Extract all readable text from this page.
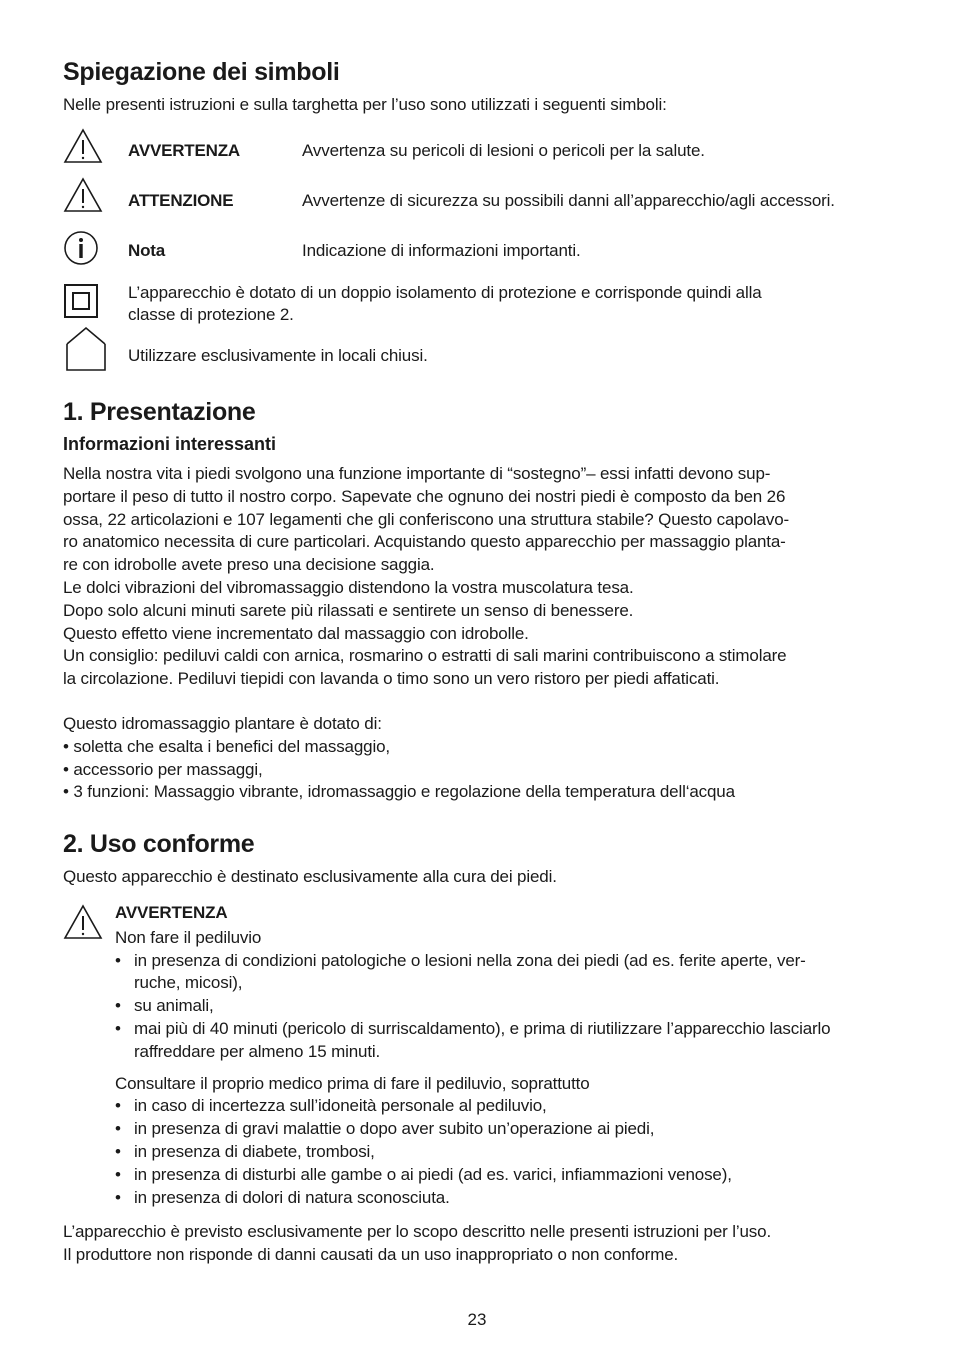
Spiegazione dei simboli
Nelle presenti istruzioni e sulla targhetta per l’uso sono utilizzati i seguenti simboli:
AVVERTENZA	Avvertenza su pericoli di lesioni o pericoli per la salute.
ATTENZIONE	Avvertenze di sicurezza su possibili danni all’apparecchio/agli accessori.
Nota	Indicazione di informazioni importanti.
L’apparecchio è dotato di un doppio isolamento di protezione e corrisponde quindi alla
classe di protezione 2.
Utilizzare esclusivamente in locali chiusi.
1. Presentazione
Informazioni interessanti
Nella nostra vita i piedi svolgono una funzione importante di “sostegno”– essi infatti devono sup-
portare il peso di tutto il nostro corpo. Sapevate che ognuno dei nostri piedi è composto da ben 26
ossa, 22 articolazioni e 107 legamenti che gli conferiscono una struttura stabile? Questo capolavo-
ro anatomico necessita di cure particolari. Acquistando questo apparecchio per massaggio planta-
re con idrobolle avete preso una decisione saggia.
Le dolci vibrazioni del vibromassaggio distendono la vostra muscolatura tesa.
Dopo solo alcuni minuti sarete più rilassati e sentirete un senso di benessere.
Questo effetto viene incrementato dal massaggio con idrobolle.
Un consiglio: pediluvi caldi con arnica, rosmarino o estratti di sali marini contribuiscono a stimolare
la circolazione. Pediluvi tiepidi con lavanda o timo sono un vero ristoro per piedi affaticati.
Questo idromassaggio plantare è dotato di:
• soletta che esalta i benefici del massaggio,
• accessorio per massaggi,
• 3 funzioni: Massaggio vibrante, idromassaggio e regolazione della temperatura dell‘acqua
2. Uso conforme
Questo apparecchio è destinato esclusivamente alla cura dei piedi.
AVVERTENZA
Non fare il pediluvio
• in presenza di condizioni patologiche o lesioni nella zona dei piedi (ad es. ferite aperte, ver-
ruche, micosi),
• su animali,
• mai più di 40 minuti (pericolo di surriscaldamento), e prima di riutilizzare l’apparecchio lasciarlo
raffreddare per almeno 15 minuti.
Consultare il proprio medico prima di fare il pediluvio, soprattutto
• in caso di incertezza sull’idoneità personale al pediluvio,
• in presenza di gravi malattie o dopo aver subito un’operazione ai piedi,
• in presenza di diabete, trombosi,
• in presenza di disturbi alle gambe o ai piedi (ad es. varici, infiammazioni venose),
• in presenza di dolori di natura sconosciuta.
L’apparecchio è previsto esclusivamente per lo scopo descritto nelle presenti istruzioni per l’uso.
Il produttore non risponde di danni causati da un uso inappropriato o non conforme.
23
